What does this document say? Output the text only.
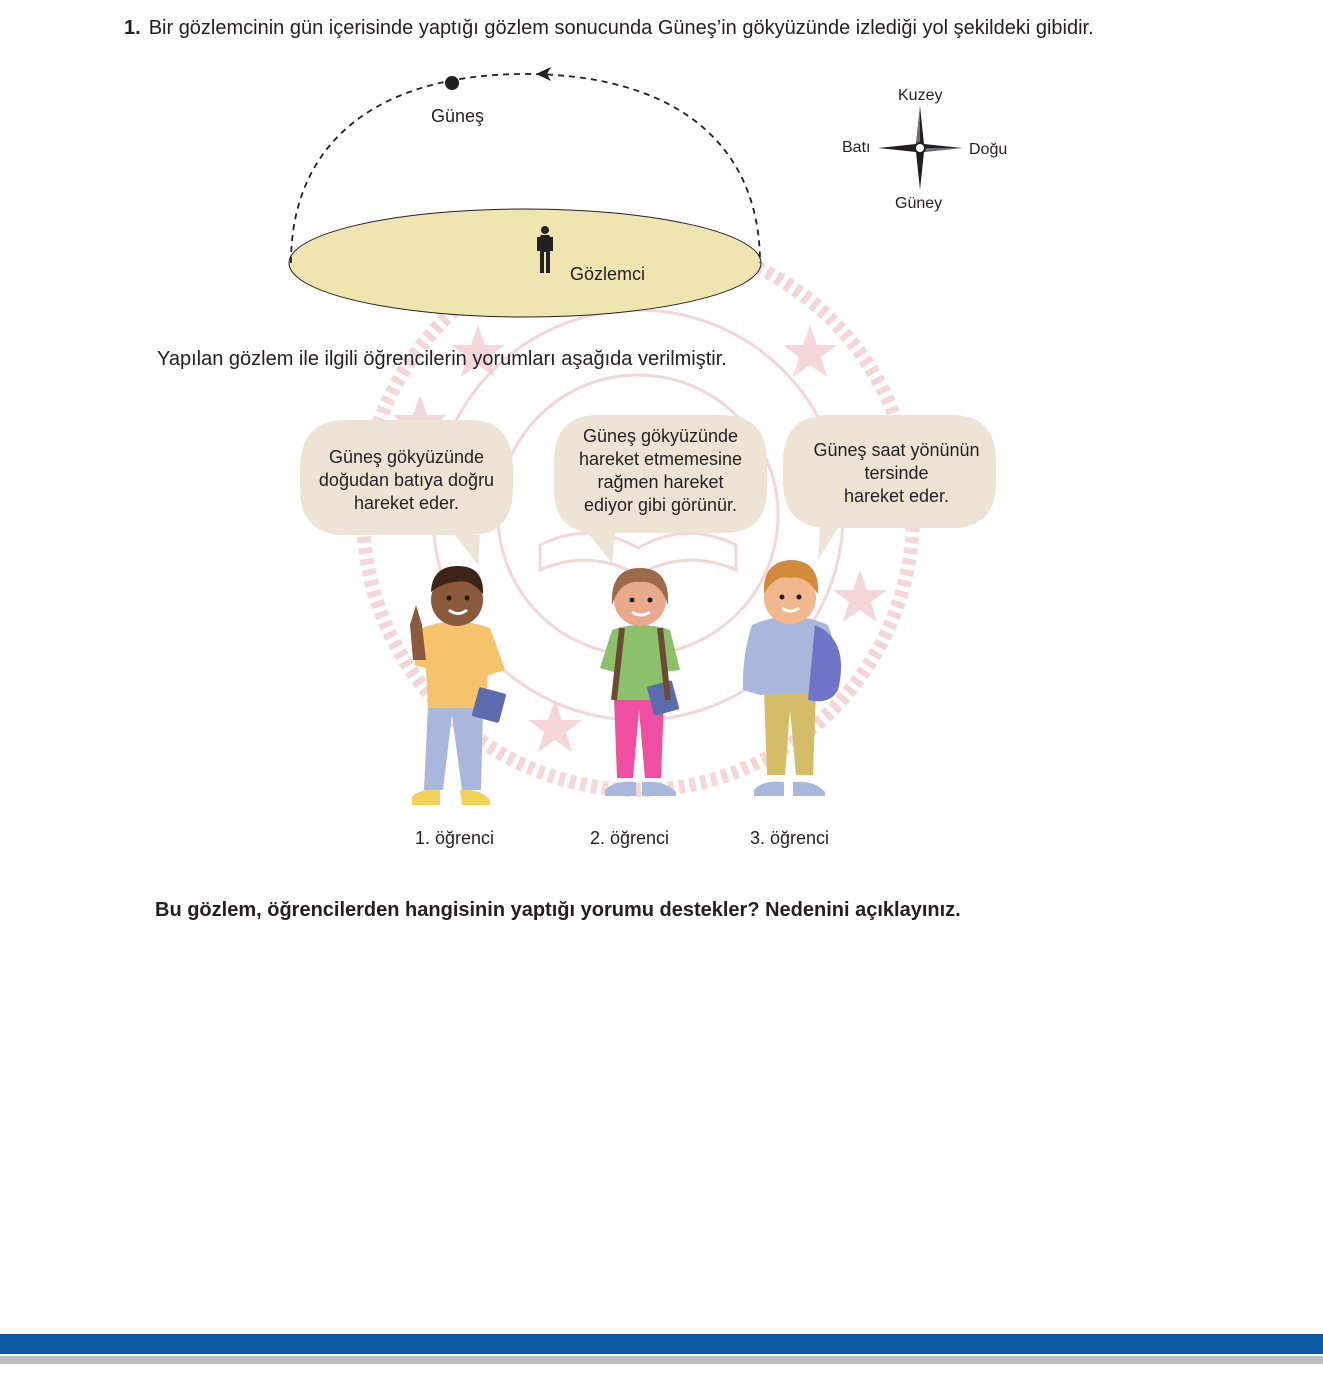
1. Bir gözlemcinin gün içerisinde yaptığı gözlem sonucunda Güneş’in gökyüzünde izlediği yol şekildeki gibidir.
Güneş
Gözlemci
Kuzey
Güney
Batı	Doğu
Yapılan gözlem ile ilgili öğrencilerin yorumları aşağıda verilmiştir.
Güneş gökyüzünde
doğudan batıya doğru
hareket eder.
Güneş gökyüzünde
hareket etmemesine
rağmen hareket
ediyor gibi görünür.
Güneş saat yönünün
tersinde
hareket eder.
1. öğrenci	2. öğrenci	3. öğrenci
Bu gözlem, öğrencilerden hangisinin yaptığı yorumu destekler? Nedenini açıklayınız.
